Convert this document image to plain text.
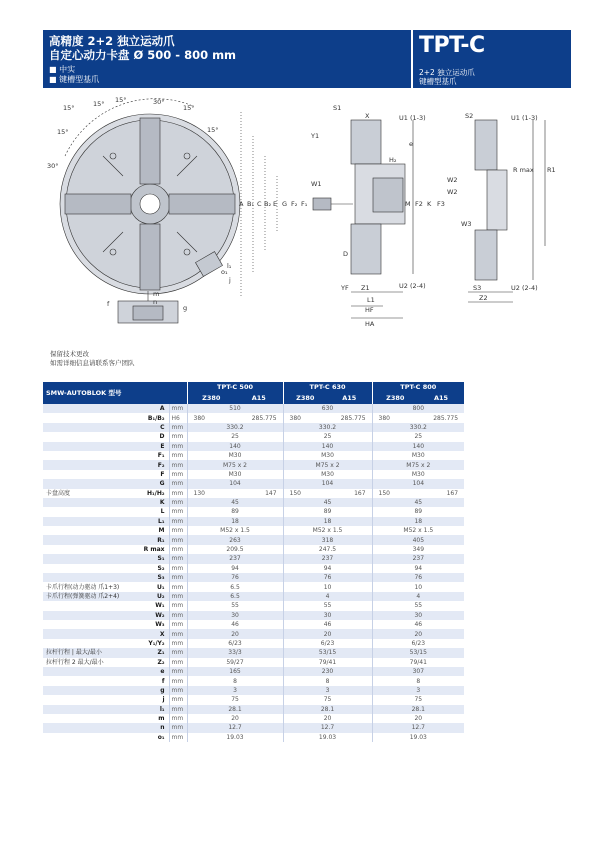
高精度 2+2 独立运动爪
自定心动力卡盘 Ø 500 - 800 mm
■ 中实
■ 键槽型基爪
TPT-C
2+2 独立运动爪
键槽型基爪
15°	15° 15°	30°
15°
15°
30°
15°
A B₁ C B₂ E G F₂ F₁	M F2 K F3
D
S1
X	U1 (1-3)
Y1
e
U2 (2-4)
YF Z1
L1
HF
HA
W1
H₂
W2
S2	U1 (1-3)
R max R1
W2
W3
S3
Z2
U2 (2-4)
f	g
m
n
o₁
l₁
j
保留技术更改
如需详细信息请联系客户团队
SMW-AUTOBLOK 型号			TPT-C 500		TPT-C 630		TPT-C 800	
			Z380	A15	Z380	A15	Z380	A15
	A	mm	510		630		800	
	B₁/B₂	H6	380	285.775	380	285.775	380	285.775
	C	mm	330.2		330.2		330.2	
	D	mm	25		25		25	
	E	mm	140		140		140	
	F₁	mm	M30		M30		M30	
	F₂	mm	M75 x 2		M75 x 2		M75 x 2	
	F	mm	M30		M30		M30	
	G	mm	104		104		104	
卡盘高度	H₁/H₂	mm	130	147	150	167	150	167
	K	mm	45		45		45	
	L	mm	89		89		89	
	L₁	mm	18		18		18	
	M	mm	M52 x 1.5		M52 x 1.5		M52 x 1.5	
	R₁	mm	263		318		405	
	R max	mm	209.5		247.5		349	
	S₁	mm	237		237		237	
	S₂	mm	94		94		94	
	S₃	mm	76		76		76	
卡爪行程(动力驱动 爪1+3)	U₁	mm	6.5		10		10	
卡爪行程(弹簧驱动 爪2+4)	U₂	mm	6.5		4		4	
	W₁	mm	55		55		55	
	W₂	mm	30		30		30	
	W₃	mm	46		46		46	
	X	mm	20		20		20	
	Y₁/Y₂	mm	6/23		6/23		6/23	
拉杆行程 | 最大/最小	Z₁	mm	33/3		53/15		53/15	
拉杆行程 2 最大/最小	Z₂	mm	59/27		79/41		79/41	
	e	mm	165		230		307	
	f	mm	8		8		8	
	g	mm	3		3		3	
	j	mm	75		75		75	
	l₁	mm	28.1		28.1		28.1	
	m	mm	20		20		20	
	n	mm	12.7		12.7		12.7	
	o₁	mm	19.03		19.03		19.03	
